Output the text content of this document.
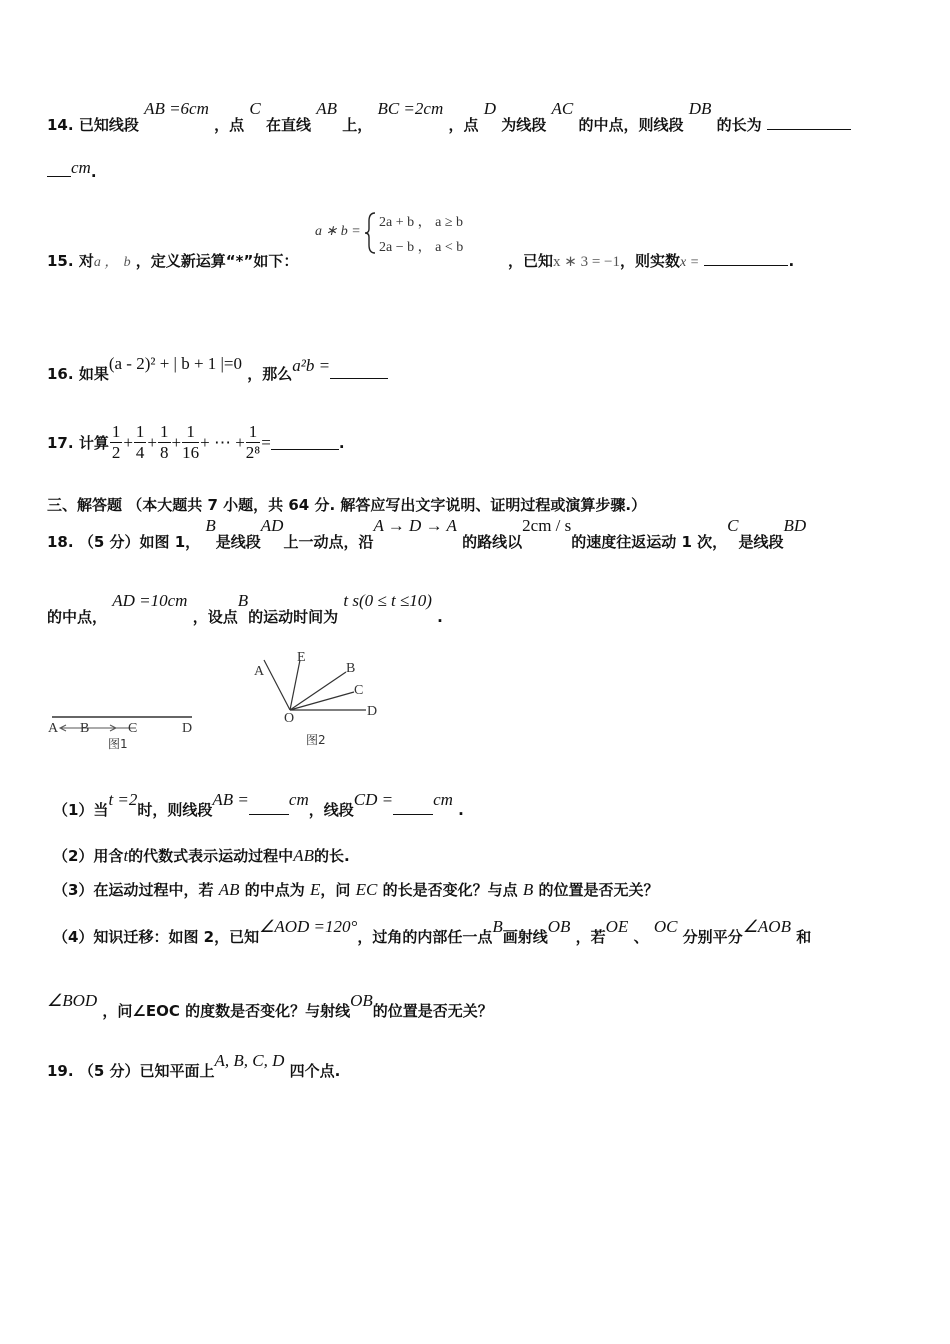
14. 已知线段 AB =6cm ，点 C 在直线 AB 上， BC =2cm ，点 D 为线段 AC 的中点，则线段 DB 的长为
cm.
15. 对a ， b ，定义新运算“*”如下：
a ∗ b =
2a + b ， a ≥ b
2a − b ， a < b
，已知x ∗ 3 = −1，则实数x =	.
16. 如果(a - 2)² + | b + 1 |=0 ，那么a²b =
17.
计算 $\frac{1}{2} + \frac{1}{4} + \frac{1}{8} + \frac{1}{16}$ + ⋯ + $\frac{1}{\text{2⁸}}$ =	.
三、解答题 （本大题共 7 小题，共 64 分. 解答应写出文字说明、证明过程或演算步骤.）
18. （5 分）如图 1， B是线段AD上一动点，沿A → D → A 的路线以2cm / s的速度往返运动 1 次，C是线段BD
的中点， AD =10cm ，设点B的运动时间为 t s(0 ≤ t ≤10) .
A B	C	D
图1
A
E
B
C
D
O
图2
（1）当t =2时，则线段AB = cm，线段CD = cm .
（2）用含t的代数式表示运动过程中AB的长.
（3）在运动过程中，若 AB 的中点为 E，问 EC 的长是否变化？与点 B 的位置是否无关？
（4）知识迁移：如图 2，已知∠AOD =120°，过角的内部任一点B画射线OB ，若OE 、 OC 分别平分∠AOB 和
∠BOD ，问∠EOC 的度数是否变化？与射线OB的位置是否无关？
19. （5 分）已知平面上A, B, C, D 四个点.
